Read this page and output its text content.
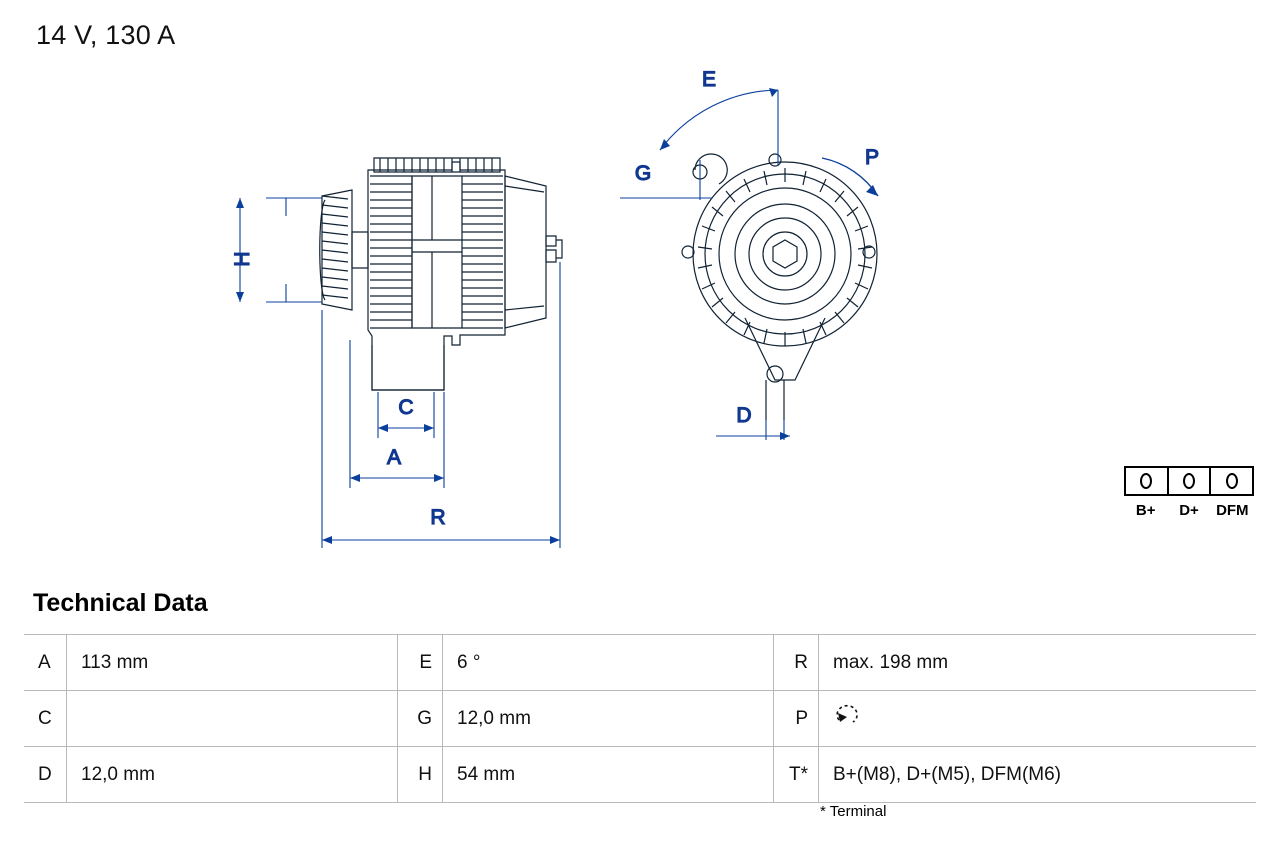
14 V, 130 A
H
C
A
R
E
G
P
D
B+	D+	DFM
Technical Data
A	113 mm	E	6 °	R	max. 198 mm
C		G	12,0 mm	P	
D	12,0 mm	H	54 mm	T*	B+(M8), D+(M5), DFM(M6)
* Terminal
